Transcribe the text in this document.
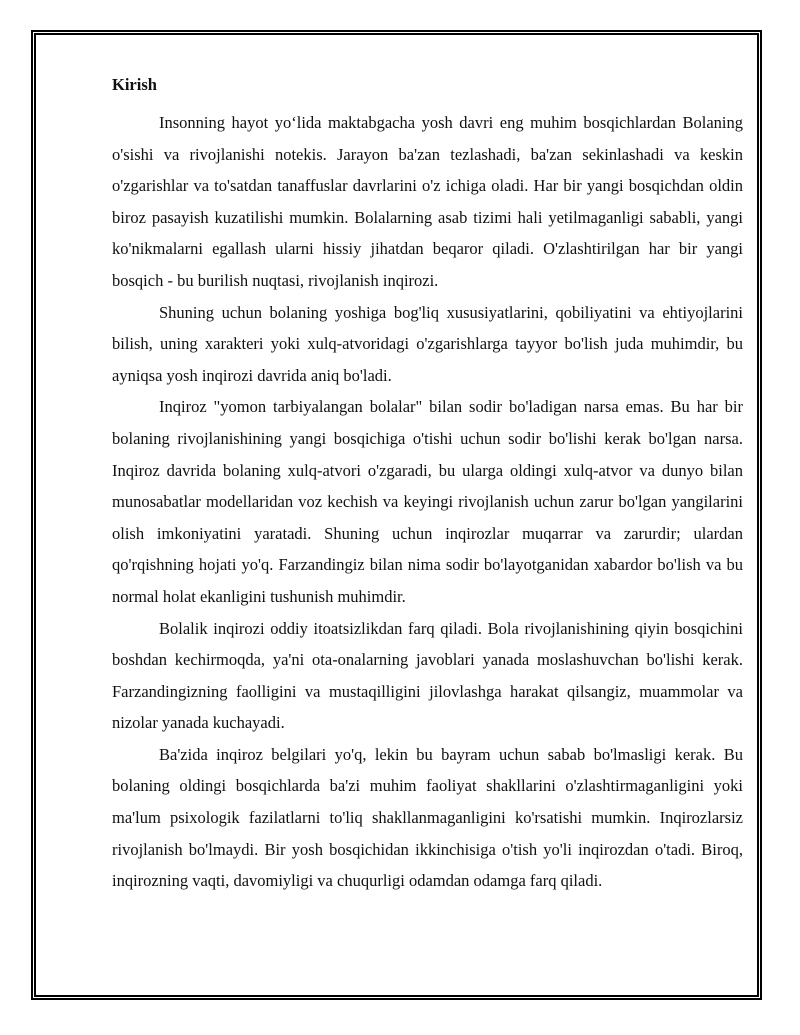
Kirish

Insonning hayot yo‘lida maktabgacha yosh davri eng muhim bosqichlardan Bolaning o'sishi va rivojlanishi notekis. Jarayon ba'zan tezlashadi, ba'zan sekinlashadi va keskin o'zgarishlar va to'satdan tanaffuslar davrlarini o'z ichiga oladi. Har bir yangi bosqichdan oldin biroz pasayish kuzatilishi mumkin. Bolalarning asab tizimi hali yetilmaganligi sababli, yangi ko'nikmalarni egallash ularni hissiy jihatdan beqaror qiladi. O'zlashtirilgan har bir yangi bosqich - bu burilish nuqtasi, rivojlanish inqirozi.

Shuning uchun bolaning yoshiga bog'liq xususiyatlarini, qobiliyatini va ehtiyojlarini bilish, uning xarakteri yoki xulq-atvoridagi o'zgarishlarga tayyor bo'lish juda muhimdir, bu ayniqsa yosh inqirozi davrida aniq bo'ladi.

Inqiroz "yomon tarbiyalangan bolalar" bilan sodir bo'ladigan narsa emas. Bu har bir bolaning rivojlanishining yangi bosqichiga o'tishi uchun sodir bo'lishi kerak bo'lgan narsa. Inqiroz davrida bolaning xulq-atvori o'zgaradi, bu ularga oldingi xulq-atvor va dunyo bilan munosabatlar modellaridan voz kechish va keyingi rivojlanish uchun zarur bo'lgan yangilarini olish imkoniyatini yaratadi. Shuning uchun inqirozlar muqarrar va zarurdir; ulardan qo'rqishning hojati yo'q. Farzandingiz bilan nima sodir bo'layotganidan xabardor bo'lish va bu normal holat ekanligini tushunish muhimdir.

Bolalik inqirozi oddiy itoatsizlikdan farq qiladi. Bola rivojlanishining qiyin bosqichini boshdan kechirmoqda, ya'ni ota-onalarning javoblari yanada moslashuvchan bo'lishi kerak. Farzandingizning faolligini va mustaqilligini jilovlashga harakat qilsangiz, muammolar va nizolar yanada kuchayadi.

Ba'zida inqiroz belgilari yo'q, lekin bu bayram uchun sabab bo'lmasligi kerak. Bu bolaning oldingi bosqichlarda ba'zi muhim faoliyat shakllarini o'zlashtirmaganligini yoki ma'lum psixologik fazilatlarni to'liq shakllanmaganligini ko'rsatishi mumkin. Inqirozlarsiz rivojlanish bo'lmaydi. Bir yosh bosqichidan ikkinchisiga o'tish yo'li inqirozdan o'tadi. Biroq, inqirozning vaqti, davomiyligi va chuqurligi odamdan odamga farq qiladi.
